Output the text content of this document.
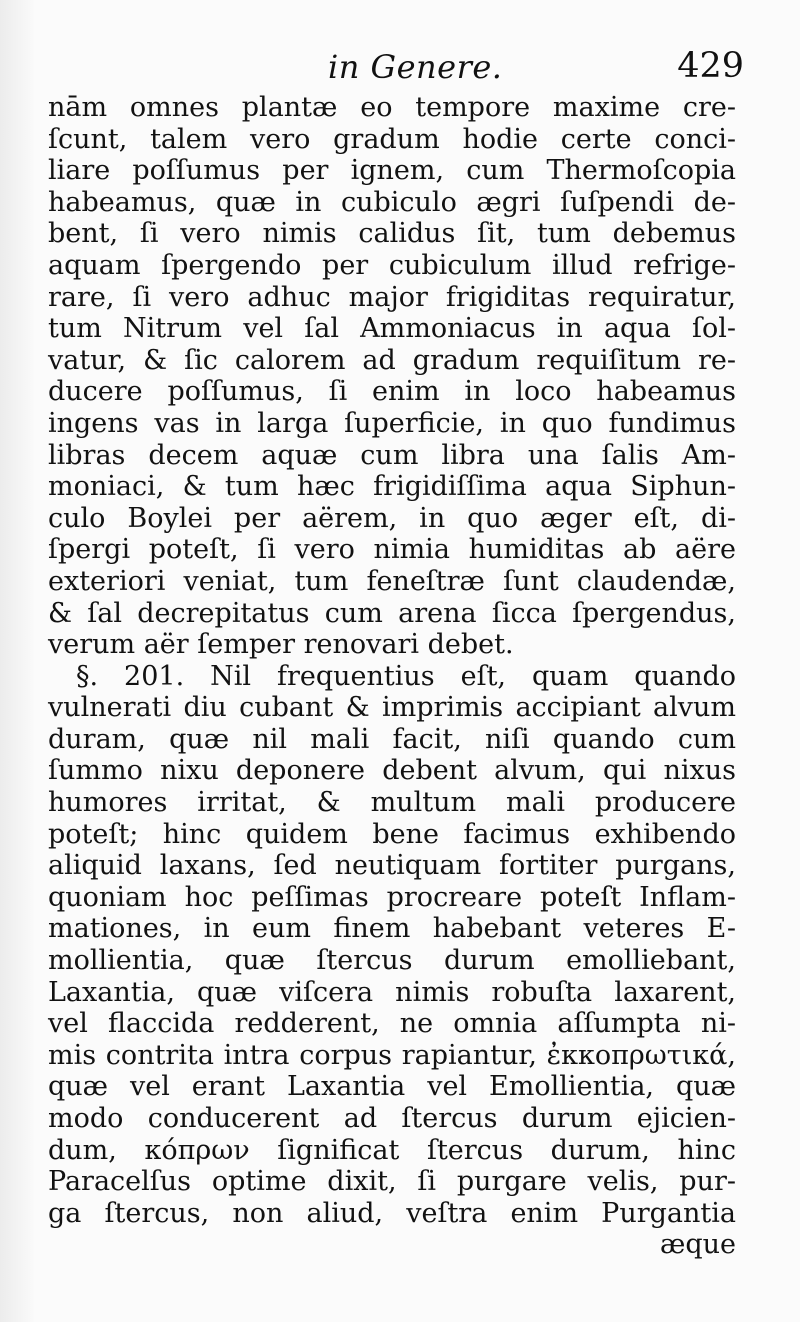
in Genere.	429
nām omnes plantæ eo tempore maxime cre-
ſcunt, talem vero gradum hodie certe conci-
liare poſſumus per ignem, cum Thermoſcopia
habeamus, quæ in cubiculo ægri ſuſpendi de-
bent, ſi vero nimis calidus ſit, tum debemus
aquam ſpergendo per cubiculum illud refrige-
rare, ſi vero adhuc major frigiditas requiratur,
tum Nitrum vel ſal Ammoniacus in aqua ſol-
vatur, & ſic calorem ad gradum requiſitum re-
ducere poſſumus, ſi enim in loco habeamus
ingens vas in larga ſuperficie, in quo fundimus
libras decem aquæ cum libra una ſalis Am-
moniaci, & tum hæc frigidiſſima aqua Siphun-
culo Boylei per aërem, in quo æger eſt, di-
ſpergi poteſt, ſi vero nimia humiditas ab aëre
exteriori veniat, tum feneſtræ ſunt claudendæ,
& ſal decrepitatus cum arena ſicca ſpergendus,
verum aër ſemper renovari debet.
§. 201. Nil frequentius eſt, quam quando
vulnerati diu cubant & imprimis accipiant alvum
duram, quæ nil mali facit, niſi quando cum
ſummo nixu deponere debent alvum, qui nixus
humores irritat, & multum mali producere
poteſt; hinc quidem bene facimus exhibendo
aliquid laxans, ſed neutiquam fortiter purgans,
quoniam hoc peſſimas procreare poteſt Inflam-
mationes, in eum finem habebant veteres E-
mollientia, quæ ſtercus durum emolliebant,
Laxantia, quæ viſcera nimis robuſta laxarent,
vel flaccida redderent, ne omnia aſſumpta ni-
mis contrita intra corpus rapiantur, ἐκκοπρωτικά,
quæ vel erant Laxantia vel Emollientia, quæ
modo conducerent ad ſtercus durum ejicien-
dum, κόπρων ſignificat ſtercus durum, hinc
Paracelſus optime dixit, ſi purgare velis, pur-
ga ſtercus, non aliud, veſtra enim Purgantia
æque
